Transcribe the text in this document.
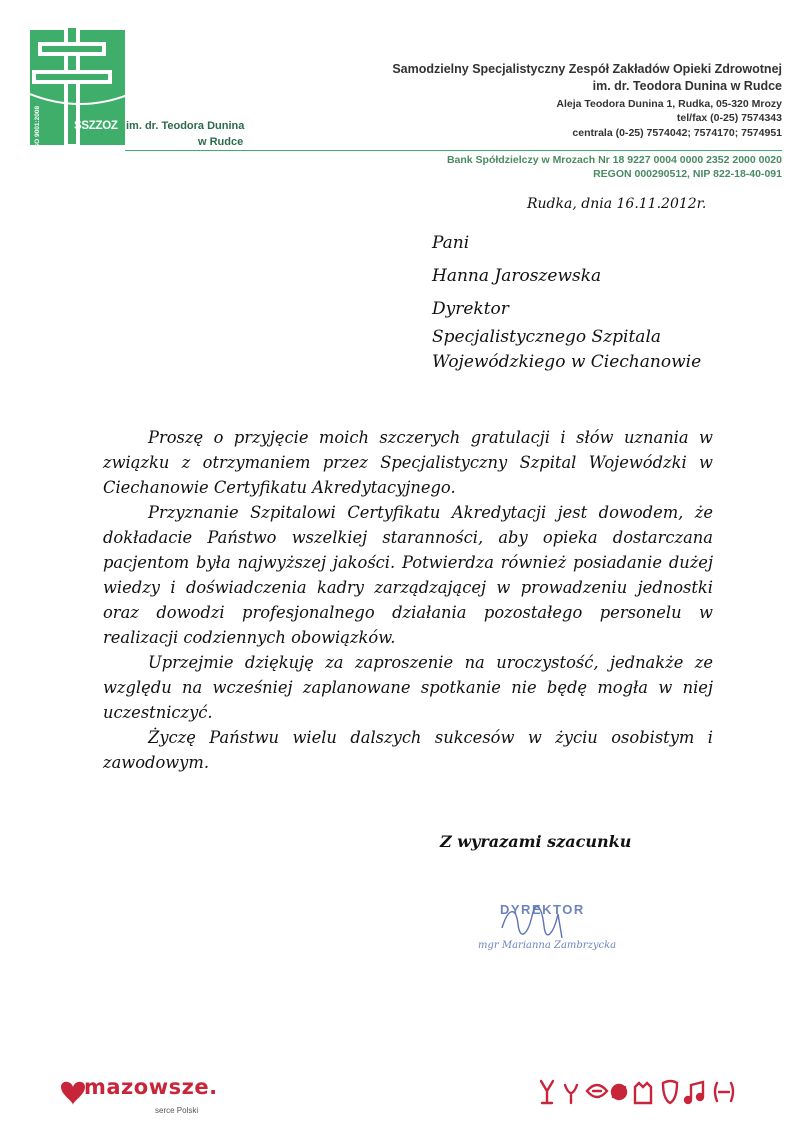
ISO 9001:2008	SSZZOZ im. dr. Teodora Dunina
w Rudce
Samodzielny Specjalistyczny Zespół Zakładów Opieki Zdrowotnej
im. dr. Teodora Dunina w Rudce
Aleja Teodora Dunina 1, Rudka, 05-320 Mrozy
tel/fax (0-25) 7574343
centrala (0-25) 7574042; 7574170; 7574951
Bank Spółdzielczy w Mrozach Nr 18 9227 0004 0000 2352 2000 0020
REGON 000290512, NIP 822-18-40-091
Rudka, dnia 16.11.2012r.
Pani
Hanna Jaroszewska
Dyrektor
Specjalistycznego Szpitala
Wojewódzkiego w Ciechanowie

Proszę o przyjęcie moich szczerych gratulacji i słów uznania w związku z otrzymaniem przez Specjalistyczny Szpital Wojewódzki w Ciechanowie Certyfikatu Akredytacyjnego.

Przyznanie Szpitalowi Certyfikatu Akredytacji jest dowodem, że dokładacie Państwo wszelkiej staranności, aby opieka dostarczana pacjentom była najwyższej jakości. Potwierdza również posiadanie dużej wiedzy i doświadczenia kadry zarządzającej w prowadzeniu jednostki oraz dowodzi profesjonalnego działania pozostałego personelu w realizacji codziennych obowiązków.

Uprzejmie dziękuję za zaproszenie na uroczystość, jednakże ze względu na wcześniej zaplanowane spotkanie nie będę mogła w niej uczestniczyć.

Życzę Państwu wielu dalszych sukcesów w życiu osobistym i zawodowym.

Z wyrazami szacunku
DYREKTOR
mgr Marianna Zambrzycka
mazowsze.
serce Polski
